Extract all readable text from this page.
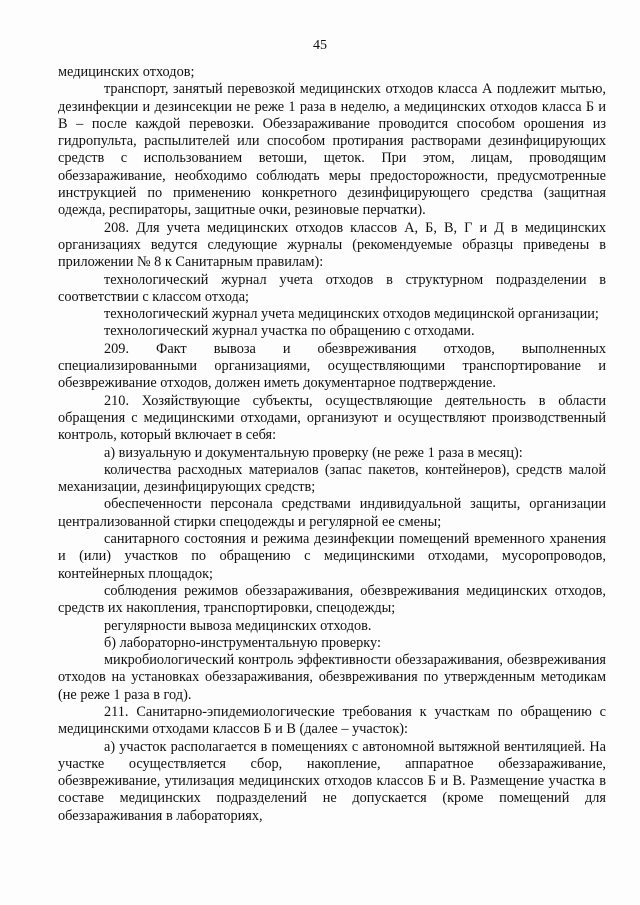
45

медицинских отходов;

транспорт, занятый перевозкой медицинских отходов класса А подлежит мытью, дезинфекции и дезинсекции не реже 1 раза в неделю, а медицинских отходов класса Б и В – после каждой перевозки. Обеззараживание проводится способом орошения из гидропульта, распылителей или способом протирания растворами дезинфицирующих средств с использованием ветоши, щеток. При этом, лицам, проводящим обеззараживание, необходимо соблюдать меры предосторожности, предусмотренные инструкцией по применению конкретного дезинфицирующего средства (защитная одежда, респираторы, защитные очки, резиновые перчатки).

208. Для учета медицинских отходов классов А, Б, В, Г и Д в медицинских организациях ведутся следующие журналы (рекомендуемые образцы приведены в приложении № 8 к Санитарным правилам):

технологический журнал учета отходов в структурном подразделении в соответствии с классом отхода;

технологический журнал учета медицинских отходов медицинской организации;

технологический журнал участка по обращению с отходами.

209. Факт вывоза и обезвреживания отходов, выполненных специализированными организациями, осуществляющими транспортирование и обезвреживание отходов, должен иметь документарное подтверждение.

210. Хозяйствующие субъекты, осуществляющие деятельность в области обращения с медицинскими отходами, организуют и осуществляют производственный контроль, который включает в себя:

а) визуальную и документальную проверку (не реже 1 раза в месяц):

количества расходных материалов (запас пакетов, контейнеров), средств малой механизации, дезинфицирующих средств;

обеспеченности персонала средствами индивидуальной защиты, организации централизованной стирки спецодежды и регулярной ее смены;

санитарного состояния и режима дезинфекции помещений временного хранения и (или) участков по обращению с медицинскими отходами, мусоропроводов, контейнерных площадок;

соблюдения режимов обеззараживания, обезвреживания медицинских отходов, средств их накопления, транспортировки, спецодежды;

регулярности вывоза медицинских отходов.

б) лабораторно-инструментальную проверку:

микробиологический контроль эффективности обеззараживания, обезвреживания отходов на установках обеззараживания, обезвреживания по утвержденным методикам (не реже 1 раза в год).

211. Санитарно-эпидемиологические требования к участкам по обращению с медицинскими отходами классов Б и В (далее – участок):

а) участок располагается в помещениях с автономной вытяжной вентиляцией. На участке осуществляется сбор, накопление, аппаратное обеззараживание, обезвреживание, утилизация медицинских отходов классов Б и В. Размещение участка в составе медицинских подразделений не допускается (кроме помещений для обеззараживания в лабораториях,
